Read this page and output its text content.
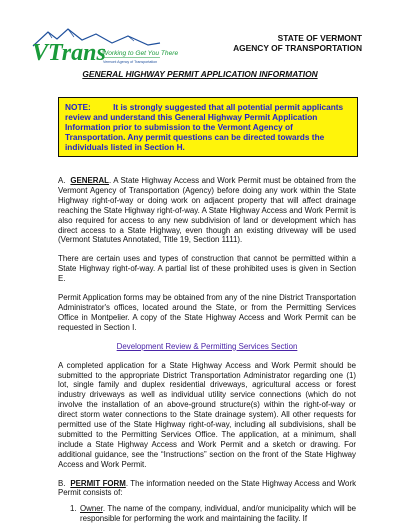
VTrans
Working to Get You There
Vermont Agency of Transportation
STATE OF VERMONT
AGENCY OF TRANSPORTATION
GENERAL HIGHWAY PERMIT APPLICATION INFORMATION
NOTE:	It is strongly suggested that all potential permit applicants review and understand this General Highway Permit Application Information prior to submission to the Vermont Agency of Transportation. Any permit questions can be directed towards the individuals listed in Section H.

A. GENERAL. A State Highway Access and Work Permit must be obtained from the Vermont Agency of Transportation (Agency) before doing any work within the State Highway right-of-way or doing work on adjacent property that will affect drainage reaching the State Highway right-of-way. A State Highway Access and Work Permit is also required for access to any new subdivision of land or development which has direct access to a State Highway, even though an existing driveway will be used (Vermont Statutes Annotated, Title 19, Section 1111).

There are certain uses and types of construction that cannot be permitted within a State Highway right-of-way. A partial list of these prohibited uses is given in Section E.

Permit Application forms may be obtained from any of the nine District Transportation Administrator's offices, located around the State, or from the Permitting Services Office in Montpelier. A copy of the State Highway Access and Work Permit can be requested in Section I.

Development Review & Permitting Services Section

A completed application for a State Highway Access and Work Permit should be submitted to the appropriate District Transportation Administrator regarding one (1) lot, single family and duplex residential driveways, agricultural access or forest industry driveways as well as individual utility service connections (which do not involve the installation of an above-ground structure(s) within the right-of-way or direct storm water connections to the State drainage system). All other requests for permitted use of the State Highway right-of-way, including all subdivisions, shall be submitted to the Permitting Services Office. The application, at a minimum, shall include a State Highway Access and Work Permit and a sketch or drawing. For additional guidance, see the “Instructions” section on the front of the State Highway Access and Work Permit.

B. PERMIT FORM. The information needed on the State Highway Access and Work Permit consists of:

1. Owner. The name of the company, individual, and/or municipality which will be responsible for performing the work and maintaining the facility. If
